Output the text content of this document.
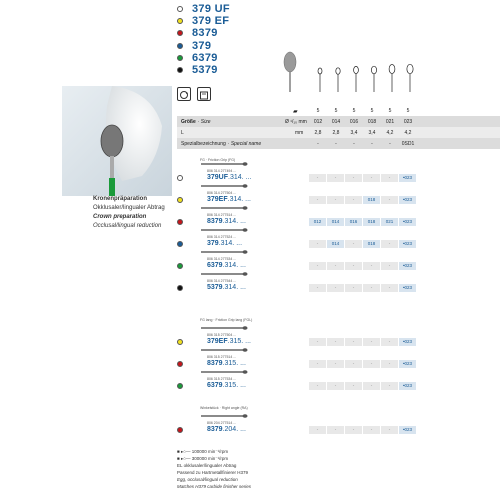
379 UF
379 EF
8379
379
6379
5379
▰	5	5	5	5	5	5
Größe · Size	Ø ¹/₁₀ mm	012	014	016	018	021	023
L	mm	2,8	2,8	3,4	3,4	4,2	4,2
Spezialbezeichnung · Special name	-	-	-	-	-	0SD1
Kronenpräparation
Okklusaler/lingualer Abtrag
Crown preparation
Occlusal/lingual reduction
FG · Friction Grip (FG)
FG lang · Friction Grip lang (FGL)
Winkelstück · Right angle (RA)
806 314 277494 ...
379UF.314. ...	-	-	-	-	-	•023
806 314 277504 ...
379EF.314. ...	-	-	-	018	-	•023
806 314 277514 ...
8379.314. ...	012	014	016	018	021	•023
806 314 277524 ...
379.314. ...	-	014	-	018	-	•023
806 314 277534 ...
6379.314. ...	-	-	-	-	-	•023
806 314 277544 ...
5379.314. ...	-	-	-	-	-	•023
806 315 277504 ...
379EF.315. ...	-	-	-	-	-	•023
806 315 277514 ...
8379.315. ...	-	-	-	-	-	•023
806 315 277534 ...
6379.315. ...	-	-	-	-	-	•023
806 204 277514 ...
8379.204. ...	-	-	-	-	-	•023
■ ▸○— 100000 min⁻¹/rpm
■ ▸○— 300000 min⁻¹/rpm
EL okklusaler/lingualer Abtrag
Passend zu Hartmetallfinierer H379
Egg, occlusal/lingual reduction
Matches H379 carbide finisher series
